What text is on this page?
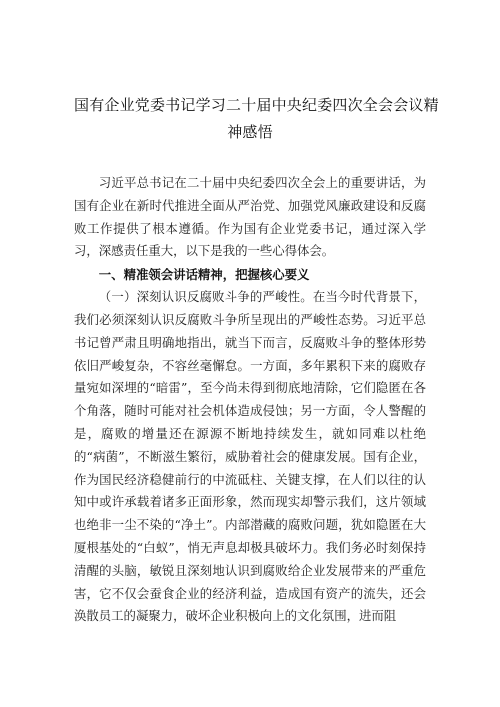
国有企业党委书记学习二十届中央纪委四次全会会议精
神感悟

习近平总书记在二十届中央纪委四次全会上的重要讲话，为国有企业在新时代推进全面从严治党、加强党风廉政建设和反腐败工作提供了根本遵循。作为国有企业党委书记，通过深入学习，深感责任重大，以下是我的一些心得体会。

一、精准领会讲话精神，把握核心要义

（一）深刻认识反腐败斗争的严峻性。在当今时代背景下，我们必须深刻认识反腐败斗争所呈现出的严峻性态势。习近平总书记曾严肃且明确地指出，就当下而言，反腐败斗争的整体形势依旧严峻复杂，不容丝毫懈怠。一方面，多年累积下来的腐败存量宛如深埋的“暗雷”，至今尚未得到彻底地清除，它们隐匿在各个角落，随时可能对社会机体造成侵蚀；另一方面，令人警醒的是，腐败的增量还在源源不断地持续发生，就如同难以杜绝的“病菌”，不断滋生繁衍，威胁着社会的健康发展。国有企业，作为国民经济稳健前行的中流砥柱、关键支撑，在人们以往的认知中或许承载着诸多正面形象，然而现实却警示我们，这片领域也绝非一尘不染的“净土”。内部潜藏的腐败问题，犹如隐匿在大厦根基处的“白蚁”，悄无声息却极具破坏力。我们务必时刻保持清醒的头脑，敏锐且深刻地认识到腐败给企业发展带来的严重危害，它不仅会蚕食企业的经济利益，造成国有资产的流失，还会涣散员工的凝聚力，破坏企业积极向上的文化氛围，进而阻
